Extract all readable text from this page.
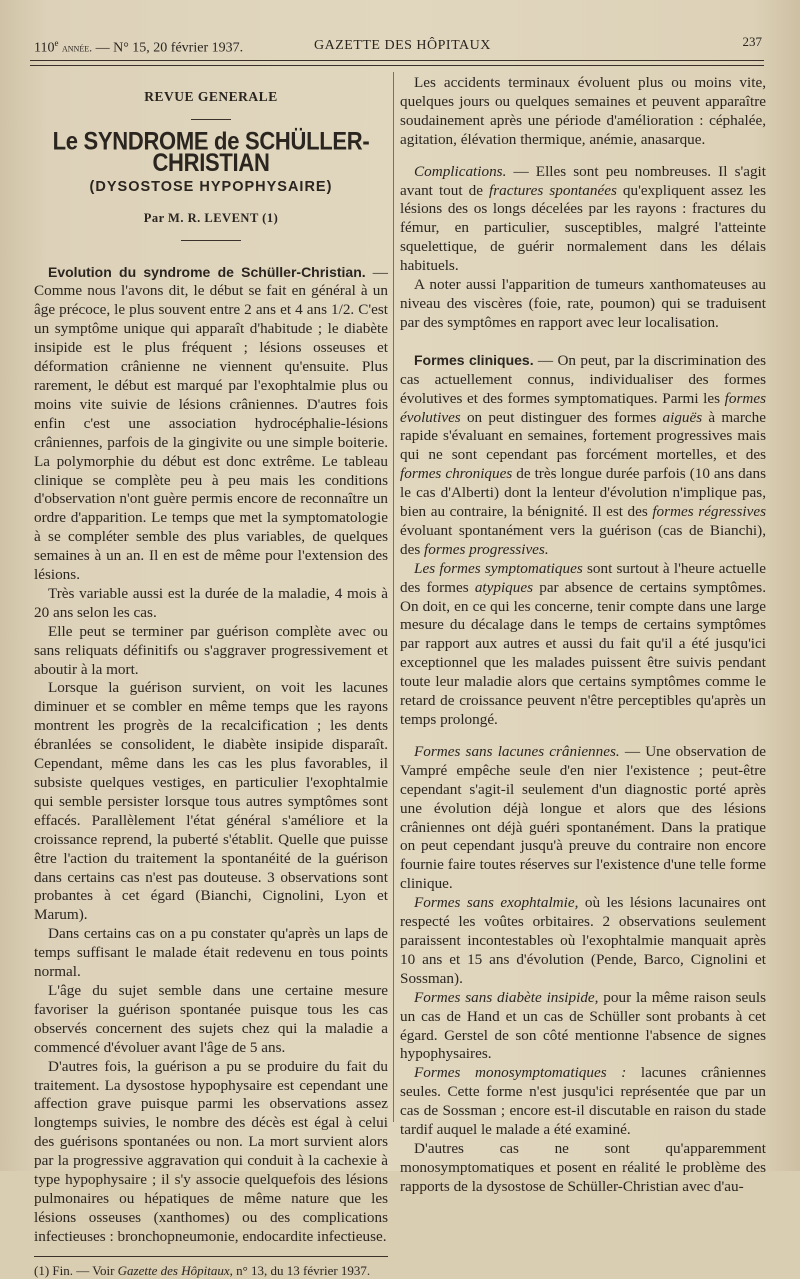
110e année. — N° 15, 20 février 1937.	GAZETTE DES HÔPITAUX	237
REVUE GENERALE
Le SYNDROME de SCHÜLLER-CHRISTIAN
(DYSOSTOSE HYPOPHYSAIRE)
Par M. R. LEVENT (1)

Evolution du syndrome de Schüller-Christian. — Comme nous l'avons dit, le début se fait en général à un âge précoce, le plus souvent entre 2 ans et 4 ans 1/2. C'est un symptôme unique qui apparaît d'habitude ; le diabète insipide est le plus fréquent ; lésions osseuses et déformation crânienne ne viennent qu'ensuite. Plus rarement, le début est marqué par l'exophtalmie plus ou moins vite suivie de lésions crâniennes. D'autres fois enfin c'est une association hydrocéphalie-lésions crâniennes, parfois de la gingivite ou une simple boiterie. La polymorphie du début est donc extrême. Le tableau clinique se complète peu à peu mais les conditions d'observation n'ont guère permis encore de reconnaître un ordre d'apparition. Le temps que met la symptomatologie à se compléter semble des plus variables, de quelques semaines à un an. Il en est de même pour l'extension des lésions.

Très variable aussi est la durée de la maladie, 4 mois à 20 ans selon les cas.

Elle peut se terminer par guérison complète avec ou sans reliquats définitifs ou s'aggraver progressivement et aboutir à la mort.

Lorsque la guérison survient, on voit les lacunes diminuer et se combler en même temps que les rayons montrent les progrès de la recalcification ; les dents ébranlées se consolident, le diabète insipide disparaît. Cependant, même dans les cas les plus favorables, il subsiste quelques vestiges, en particulier l'exophtalmie qui semble persister lorsque tous autres symptômes sont effacés. Parallèlement l'état général s'améliore et la croissance reprend, la puberté s'établit. Quelle que puisse être l'action du traitement la spontanéité de la guérison dans certains cas n'est pas douteuse. 3 observations sont probantes à cet égard (Bianchi, Cignolini, Lyon et Marum).

Dans certains cas on a pu constater qu'après un laps de temps suffisant le malade était redevenu en tous points normal.

L'âge du sujet semble dans une certaine mesure favoriser la guérison spontanée puisque tous les cas observés concernent des sujets chez qui la maladie a commencé d'évoluer avant l'âge de 5 ans.

D'autres fois, la guérison a pu se produire du fait du traitement. La dysostose hypophysaire est cependant une affection grave puisque parmi les observations assez longtemps suivies, le nombre des décès est égal à celui des guérisons spontanées ou non. La mort survient alors par la progressive aggravation qui conduit à la cachexie à type hypophysaire ; il s'y associe quelquefois des lésions pulmonaires ou hépatiques de même nature que les lésions osseuses (xanthomes) ou des complications infectieuses : bronchopneumonie, endocardite infectieuse.

(1) Fin. — Voir Gazette des Hôpitaux, n° 13, du 13 février 1937.

Les accidents terminaux évoluent plus ou moins vite, quelques jours ou quelques semaines et peuvent apparaître soudainement après une période d'amélioration : céphalée, agitation, élévation thermique, anémie, anasarque.

Complications. — Elles sont peu nombreuses. Il s'agit avant tout de fractures spontanées qu'expliquent assez les lésions des os longs décelées par les rayons : fractures du fémur, en particulier, susceptibles, malgré l'atteinte squelettique, de guérir normalement dans les délais habituels.

A noter aussi l'apparition de tumeurs xanthomateuses au niveau des viscères (foie, rate, poumon) qui se traduisent par des symptômes en rapport avec leur localisation.

Formes cliniques. — On peut, par la discrimination des cas actuellement connus, individualiser des formes évolutives et des formes symptomatiques. Parmi les formes évolutives on peut distinguer des formes aiguës à marche rapide s'évaluant en semaines, fortement progressives mais qui ne sont cependant pas forcément mortelles, et des formes chroniques de très longue durée parfois (10 ans dans le cas d'Alberti) dont la lenteur d'évolution n'implique pas, bien au contraire, la bénignité. Il est des formes régressives évoluant spontanément vers la guérison (cas de Bianchi), des formes progressives.

Les formes symptomatiques sont surtout à l'heure actuelle des formes atypiques par absence de certains symptômes. On doit, en ce qui les concerne, tenir compte dans une large mesure du décalage dans le temps de certains symptômes par rapport aux autres et aussi du fait qu'il a été jusqu'ici exceptionnel que les malades puissent être suivis pendant toute leur maladie alors que certains symptômes comme le retard de croissance peuvent n'être perceptibles qu'après un temps prolongé.

Formes sans lacunes crâniennes. — Une observation de Vampré empêche seule d'en nier l'existence ; peut-être cependant s'agit-il seulement d'un diagnostic porté après une évolution déjà longue et alors que des lésions crâniennes ont déjà guéri spontanément. Dans la pratique on peut cependant jusqu'à preuve du contraire non encore fournie faire toutes réserves sur l'existence d'une telle forme clinique.

Formes sans exophtalmie, où les lésions lacunaires ont respecté les voûtes orbitaires. 2 observations seulement paraissent incontestables où l'exophtalmie manquait après 10 ans et 15 ans d'évolution (Pende, Barco, Cignolini et Sossman).

Formes sans diabète insipide, pour la même raison seuls un cas de Hand et un cas de Schüller sont probants à cet égard. Gerstel de son côté mentionne l'absence de signes hypophysaires.

Formes monosymptomatiques : lacunes crâniennes seules. Cette forme n'est jusqu'ici représentée que par un cas de Sossman ; encore est-il discutable en raison du stade tardif auquel le malade a été examiné.

D'autres cas ne sont qu'apparemment monosymptomatiques et posent en réalité le problème des rapports de la dysostose de Schüller-Christian avec d'au-
